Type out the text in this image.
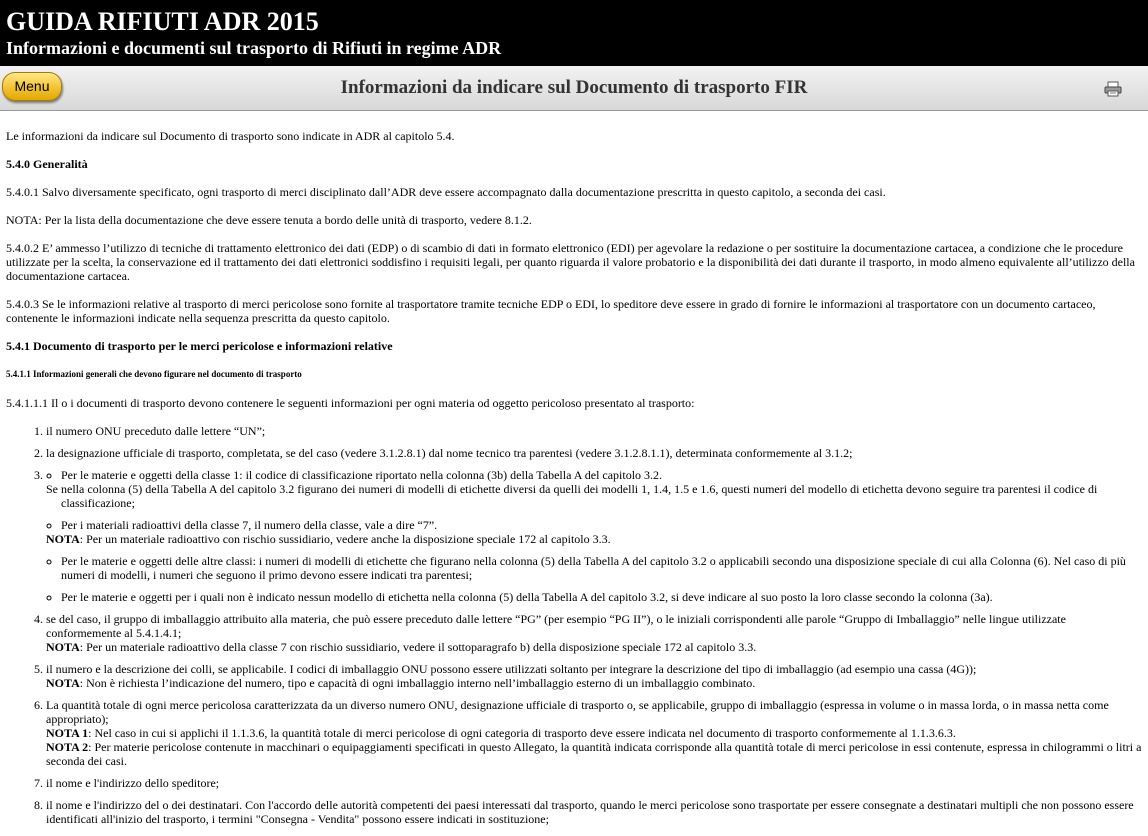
GUIDA RIFIUTI ADR 2015
Informazioni e documenti sul trasporto di Rifiuti in regime ADR
Informazioni da indicare sul Documento di trasporto FIR
Menu

Le informazioni da indicare sul Documento di trasporto sono indicate in ADR al capitolo 5.4.

5.4.0 Generalità

5.4.0.1 Salvo diversamente specificato, ogni trasporto di merci disciplinato dall’ADR deve essere accompagnato dalla documentazione prescritta in questo capitolo, a seconda dei casi.

NOTA: Per la lista della documentazione che deve essere tenuta a bordo delle unità di trasporto, vedere 8.1.2.

5.4.0.2 E’ ammesso l’utilizzo di tecniche di trattamento elettronico dei dati (EDP) o di scambio di dati in formato elettronico (EDI) per agevolare la redazione o per sostituire la documentazione cartacea, a condizione che le procedure utilizzate per la scelta, la conservazione ed il trattamento dei dati elettronici soddisfino i requisiti legali, per quanto riguarda il valore probatorio e la disponibilità dei dati durante il trasporto, in modo almeno equivalente all’utilizzo della documentazione cartacea.

5.4.0.3 Se le informazioni relative al trasporto di merci pericolose sono fornite al trasportatore tramite tecniche EDP o EDI, lo speditore deve essere in grado di fornire le informazioni al trasportatore con un documento cartaceo, contenente le informazioni indicate nella sequenza prescritta da questo capitolo.

5.4.1 Documento di trasporto per le merci pericolose e informazioni relative
5.4.1.1 Informazioni generali che devono figurare nel documento di trasporto

5.4.1.1.1 Il o i documenti di trasporto devono contenere le seguenti informazioni per ogni materia od oggetto pericoloso presentato al trasporto:

1. il numero ONU preceduto dalle lettere “UN”;
2. la designazione ufficiale di trasporto, completata, se del caso (vedere 3.1.2.8.1) dal nome tecnico tra parentesi (vedere 3.1.2.8.1.1), determinata conformemente al 3.1.2;
◦ 3. Per le materie e oggetti della classe 1: il codice di classificazione riportato nella colonna (3b) della Tabella A del capitolo 3.2.
Se nella colonna (5) della Tabella A del capitolo 3.2 figurano dei numeri di modelli di etichette diversi da quelli dei modelli 1, 1.4, 1.5 e 1.6, questi numeri del modello di etichetta devono seguire tra parentesi il codice di classificazione;
◦ Per i materiali radioattivi della classe 7, il numero della classe, vale a dire “7”.
NOTA: Per un materiale radioattivo con rischio sussidiario, vedere anche la disposizione speciale 172 al capitolo 3.3.
◦ Per le materie e oggetti delle altre classi: i numeri di modelli di etichette che figurano nella colonna (5) della Tabella A del capitolo 3.2 o applicabili secondo una disposizione speciale di cui alla Colonna (6). Nel caso di più numeri di modelli, i numeri che seguono il primo devono essere indicati tra parentesi;
◦ Per le materie e oggetti per i quali non è indicato nessun modello di etichetta nella colonna (5) della Tabella A del capitolo 3.2, si deve indicare al suo posto la loro classe secondo la colonna (3a).
4. se del caso, il gruppo di imballaggio attribuito alla materia, che può essere preceduto dalle lettere “PG” (per esempio “PG II”), o le iniziali corrispondenti alle parole “Gruppo di Imballaggio” nelle lingue utilizzate conformemente al 5.4.1.4.1;
NOTA: Per un materiale radioattivo della classe 7 con rischio sussidiario, vedere il sottoparagrafo b) della disposizione speciale 172 al capitolo 3.3.
5. il numero e la descrizione dei colli, se applicabile. I codici di imballaggio ONU possono essere utilizzati soltanto per integrare la descrizione del tipo di imballaggio (ad esempio una cassa (4G));
NOTA: Non è richiesta l’indicazione del numero, tipo e capacità di ogni imballaggio interno nell’imballaggio esterno di un imballaggio combinato.
6. La quantità totale di ogni merce pericolosa caratterizzata da un diverso numero ONU, designazione ufficiale di trasporto o, se applicabile, gruppo di imballaggio (espressa in volume o in massa lorda, o in massa netta come appropriato);
NOTA 1: Nel caso in cui si applichi il 1.1.3.6, la quantità totale di merci pericolose di ogni categoria di trasporto deve essere indicata nel documento di trasporto conformemente al 1.1.3.6.3.
NOTA 2: Per materie pericolose contenute in macchinari o equipaggiamenti specificati in questo Allegato, la quantità indicata corrisponde alla quantità totale di merci pericolose in essi contenute, espressa in chilogrammi o litri a seconda dei casi.
7. il nome e l'indirizzo dello speditore;
8. il nome e l'indirizzo del o dei destinatari. Con l'accordo delle autorità competenti dei paesi interessati dal trasporto, quando le merci pericolose sono trasportate per essere consegnate a destinatari multipli che non possono essere identificati all'inizio del trasporto, i termini "Consegna - Vendita" possono essere indicati in sostituzione;
